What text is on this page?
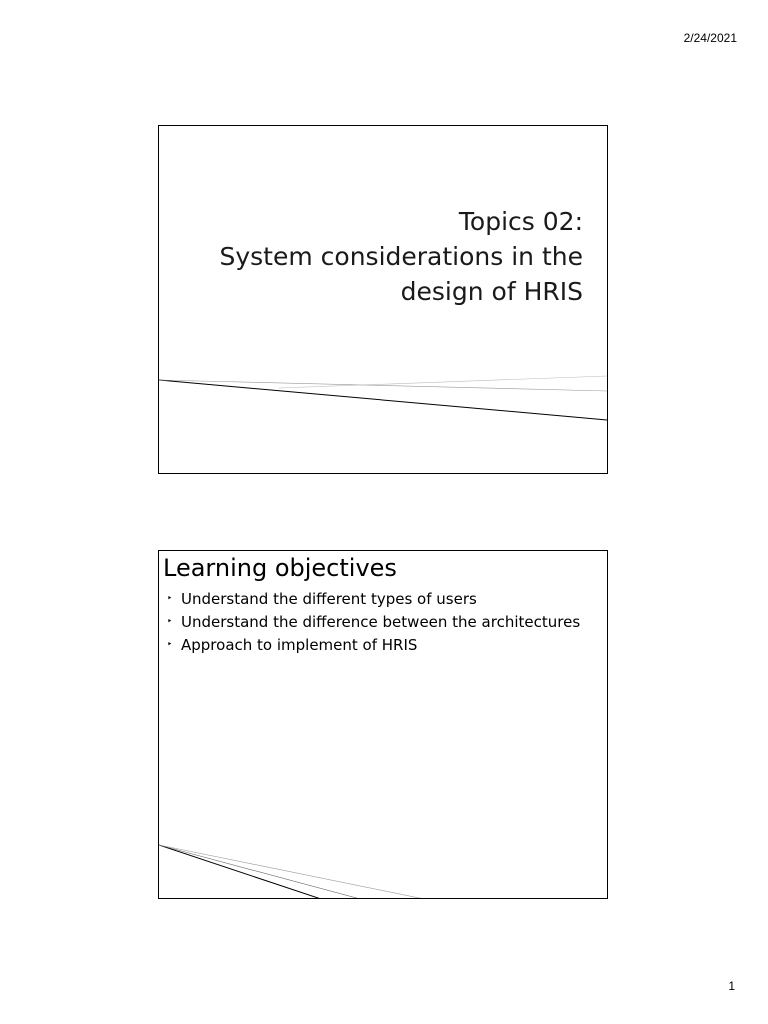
2/24/2021
Topics 02:
System considerations in the
design of HRIS
Learning objectives
‣ Understand the different types of users
‣ Understand the difference between the architectures
‣ Approach to implement of HRIS
1
